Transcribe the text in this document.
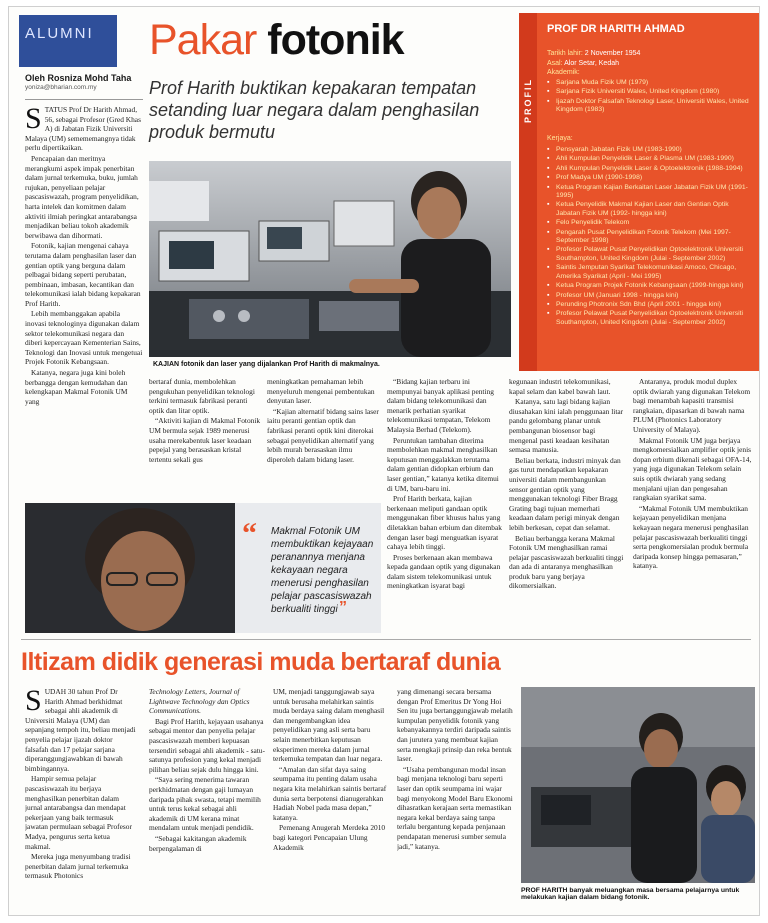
ALUMNI Pakar fotonik
Prof Harith buktikan kepakaran tempatan setanding luar negara dalam penghasilan produk bermutu
Oleh Rosniza Mohd Taha
yoniza@bharian.com.my
S TATUS Prof Dr Harith Ahmad, 56, sebagai Profesor (Gred Khas A) di Jabatan Fizik Universiti Malaya (UM) semememangnya tidak perlu dipertikaikan.

Pencapaian dan meritnya merangkumi aspek impak penerbitan dalam jurnal terkemuka, buku, jumlah rujukan, penyeliaan pelajar pascasiswazah, program penyelidikan, harta intelek dan komitmen dalam aktiviti ilmiah peringkat antarabangsa menjadikan beliau tokoh akademik berwibawa dan dihormati.

Fotonik, kajian mengenai cahaya terutama dalam penghasilan laser dan gentian optik yang berguna dalam pelbagai bidang seperti perubatan, pembinaan, imbasan, kecantikan dan telekomunikasi ialah bidang kepakaran Prof Harith.

Lebih membanggakan apabila inovasi teknologinya digunakan dalam sektor telekomunikasi negara dan diberi kepercayaan Kementerian Sains, Teknologi dan Inovasi untuk mengetuai Projek Fotonik Kebangsaan.

Katanya, negara juga kini boleh berbangga dengan kemudahan dan kelengkapan Makmal Fotonik UM yang

KAJIAN fotonik dan laser yang dijalankan Prof Harith di makmalnya.
PROFIL
PROF DR HARITH AHMAD
Tarikh lahir: 2 November 1954
Asal: Alor Setar, Kedah
Akademik:
▪ Sarjana Muda Fizik UM (1979)
▪ Sarjana Fizik Universiti Wales, United Kingdom (1980)
▪ Ijazah Doktor Falsafah Teknologi Laser, Universiti Wales, United Kingdom (1983)
Kerjaya:
▪ Pensyarah Jabatan Fizik UM (1983-1990)
▪ Ahli Kumpulan Penyelidik Laser & Plasma UM (1983-1990)
▪ Ahli Kumpulan Penyelidik Laser & Optoelektronik (1988-1994)
▪ Prof Madya UM (1990-1998)
▪ Ketua Program Kajian Berkaitan Laser Jabatan Fizik UM (1991-1995)
▪ Ketua Penyelidik Makmal Kajian Laser dan Gentian Optik Jabatan Fizik UM (1992- hingga kini)
▪ Felo Penyelidik Telekom
▪ Pengarah Pusat Penyelidikan Fotonik Telekom (Mei 1997-September 1998)
▪ Profesor Pelawat Pusat Penyelidikan Optoelektronik Universiti Southampton, United Kingdom (Julai - September 2002)
▪ Saintis Jemputan Syarikat Telekomunikasi Amoco, Chicago, Amerika Syarikat (April - Mei 1995)
▪ Ketua Program Projek Fotonik Kebangsaan (1999-hingga kini)
▪ Profesor UM (Januari 1998 - hingga kini)
▪ Perunding Photronix Sdn Bhd (April 2001 - hingga kini)
▪ Profesor Pelawat Pusat Penyelidikan Optoelektronik Universiti Southampton, United Kingdom (Julai - September 2002)

bertaraf dunia, membolehkan pengukuhan penyelidikan teknologi terkini termasuk fabrikasi peranti optik dan litar optik.

“Aktiviti kajian di Makmal Fotonik UM bermula sejak 1989 menerusi usaha merekabentuk laser keadaan pepejal yang berasaskan kristal tertentu sekali gus

meningkatkan pemahaman lebih menyeluruh mengenai pembentukan denyutan laser.

“Kajian alternatif bidang sains laser iaitu peranti gentian optik dan fabrikasi peranti optik kini diterokai sebagai penyelidikan alternatif yang lebih murah berasaskan ilmu diperoleh dalam bidang laser.

“Bidang kajian terbaru ini mempunyai banyak aplikasi penting dalam bidang telekomunikasi dan menarik perhatian syarikat telekomunikasi tempatan, Telekom Malaysia Berhad (Telekom).

Peruntukan tambahan diterima membolehkan makmal menghasilkan keputusan menggalakkan terutama dalam gentian didopkan erbium dan laser gentian,” katanya ketika ditemui di UM, baru-baru ini.

Prof Harith berkata, kajian berkenaan meliputi gandaan optik menggunakan fiber khusus halus yang diletakkan bahan erbium dan ditembak dengan laser bagi menguatkan isyarat cahaya lebih tinggi.

Proses berkenaan akan membawa kepada gandaan optik yang digunakan dalam sistem telekomunikasi untuk meningkatkan isyarat bagi

kegunaan industri telekomunikasi, kapal selam dan kabel bawah laut.

Katanya, satu lagi bidang kajian diusahakan kini ialah penggunaan litar pandu gelombang planar untuk pembangunan biosensor bagi mengenal pasti keadaan kesihatan semasa manusia.

Beliau berkata, industri minyak dan gas turut mendapatkan kepakaran universiti dalam membangunkan sensor gentian optik yang menggunakan teknologi Fiber Bragg Grating bagi tujuan memerhati keadaan dalam perigi minyak dengan lebih berkesan, cepat dan selamat.

Beliau berbangga kerana Makmal Fotonik UM menghasilkan ramai pelajar pascasiswazah berkualiti tinggi dan ada di antaranya menghasilkan produk baru yang berjaya dikomersialkan.

Antaranya, produk modul duplex optik dwiarah yang digunakan Telekom bagi menambah kapasiti transmisi rangkaian, dipasarkan di bawah nama PLUM (Photonics Laboratory University of Malaya).

Makmal Fotonik UM juga berjaya mengkomersialkan amplifier optik jenis dopan erbium dikenali sebagai OFA-14, yang juga digunakan Telekom selain suis optik dwiarah yang sedang menjalani ujian dan pengesahan rangkaian syarikat sama.

“Makmal Fotonik UM membuktikan kejayaan penyelidikan menjana kekayaan negara menerusi penghasilan pelajar pascasiswazah berkualiti tinggi serta pengkomersialan produk bermula daripada konsep hingga pemasaran,” katanya.

“ Makmal Fotonik UM membuktikan kejayaan peranannya menjana kekayaan negara menerusi penghasilan pelajar pascasiswazah berkualiti tinggi ”
Iltizam didik generasi muda bertaraf dunia
S UDAH 30 tahun Prof Dr Harith Ahmad berkhidmat sebagai ahli akademik di Universiti Malaya (UM) dan sepanjang tempoh itu, beliau menjadi penyelia pelajar ijazah doktor falsafah dan 17 pelajar sarjana diperanggungjawabkan di bawah bimbingannya.

Hampir semua pelajar pascasiswazah itu berjaya menghasilkan penerbitan dalam jurnal antarabangsa dan mendapat pekerjaan yang baik termasuk jawatan permulaan sebagai Profesor Madya, pengurus serta ketua makmal.

Mereka juga menyumbang tradisi penerbitan dalam jurnal terkemuka termasuk Photonics

Technology Letters, Journal of Lightwave Technology dan Optics Communications.

Bagi Prof Harith, kejayaan usahanya sebagai mentor dan penyelia pelajar pascasiswazah memberi kepuasan tersendiri sebagai ahli akademik - satu-satunya profesion yang kekal menjadi pilihan beliau sejak dulu hingga kini.

“Saya sering menerima tawaran perkhidmatan dengan gaji lumayan daripada pihak swasta, tetapi memilih untuk terus kekal sebagai ahli akademik di UM kerana minat mendalam untuk menjadi pendidik.

“Sebagai kakitangan akademik berpengalaman di

UM, menjadi tanggungjawab saya untuk berusaha melahirkan saintis muda berdaya saing dalam menghasil dan mengembangkan idea penyelidikan yang asli serta baru selain menerbitkan keputusan eksperimen mereka dalam jurnal terkemuka tempatan dan luar negara.

“Amalan dan sifat daya saing seumpama itu penting dalam usaha negara kita melahirkan saintis bertaraf dunia serta berpotensi dianugerahkan Hadiah Nobel pada masa depan,” katanya.

Pemenang Anugerah Merdeka 2010 bagi kategori Pencapaian Ulung Akademik

yang dimenangi secara bersama dengan Prof Emeritus Dr Yong Hoi Sen itu juga bertanggungjawab melatih kumpulan penyelidik fotonik yang kebanyakannya terdiri daripada saintis dan jurutera yang membuat kajian serta mengkaji prinsip dan reka bentuk laser.

“Usaha pembangunan modal insan bagi menjana teknologi baru seperti laser dan optik seumpama ini wajar bagi menyokong Model Baru Ekonomi dihasratkan kerajaan serta memastikan negara kekal berdaya saing tanpa terlalu bergantung kepada penjanaan pendapatan menerusi sumber semula jadi,” katanya.

PROF HARITH banyak meluangkan masa bersama pelajarnya untuk melakukan kajian dalam bidang fotonik.
